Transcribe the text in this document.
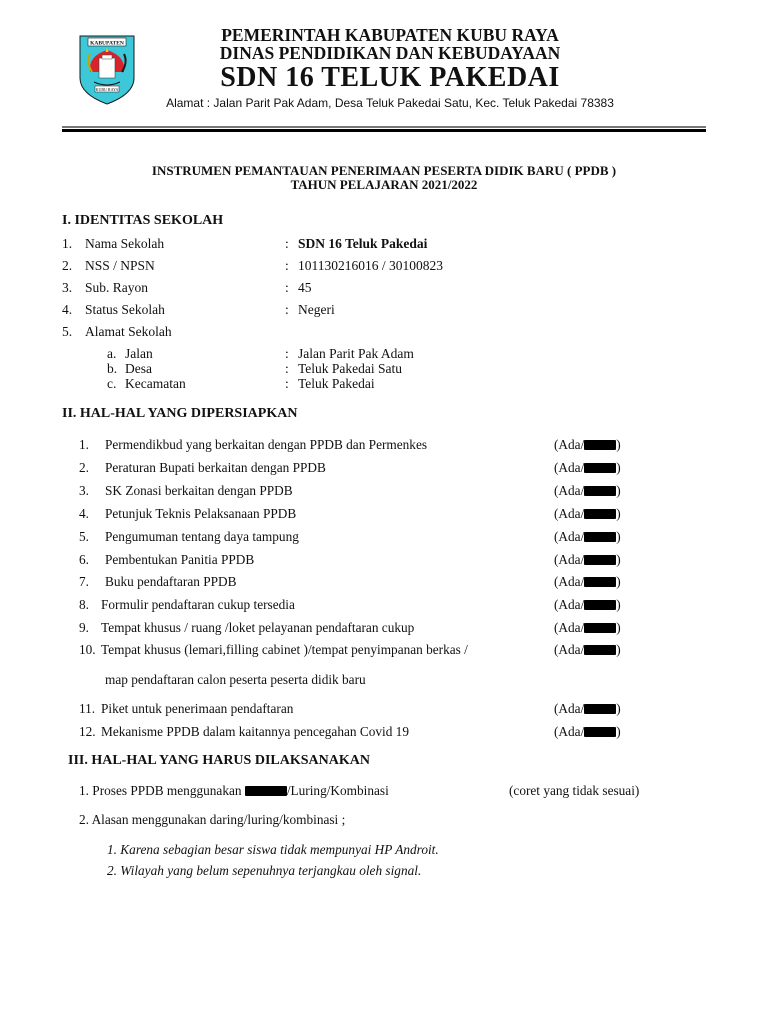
KABUPATEN
KUBU RAYA
PEMERINTAH KABUPATEN KUBU RAYA
DINAS PENDIDIKAN DAN KEBUDAYAAN
SDN 16 TELUK PAKEDAI
Alamat : Jalan Parit Pak Adam, Desa Teluk Pakedai Satu, Kec. Teluk Pakedai 78383
INSTRUMEN PEMANTAUAN PENERIMAAN PESERTA DIDIK BARU ( PPDB )
TAHUN PELAJARAN 2021/2022
I. IDENTITAS SEKOLAH
1. Nama Sekolah	: SDN 16 Teluk Pakedai
2. NSS / NPSN	: 101130216016 / 30100823
3. Sub. Rayon	: 45
4. Status Sekolah	: Negeri
5. Alamat Sekolah
a. Jalan	: Jalan Parit Pak Adam
b. Desa	: Teluk Pakedai Satu
c. Kecamatan	: Teluk Pakedai
II. HAL-HAL YANG DIPERSIAPKAN
1. Permendikbud yang berkaitan dengan PPDB dan Permenkes	(Ada/ )
2. Peraturan Bupati berkaitan dengan PPDB	(Ada/ )
3. SK Zonasi berkaitan dengan PPDB	(Ada/ )
4. Petunjuk Teknis Pelaksanaan PPDB	(Ada/ )
5. Pengumuman tentang daya tampung	(Ada/ )
6. Pembentukan Panitia PPDB	(Ada/ )
7. Buku pendaftaran PPDB	(Ada/ )
8. Formulir pendaftaran cukup tersedia	(Ada/ )
9. Tempat khusus / ruang /loket pelayanan pendaftaran cukup	(Ada/ )
10. Tempat khusus (lemari,filling cabinet )/tempat penyimpanan berkas /	(Ada/ )
map pendaftaran calon peserta peserta didik baru
11. Piket untuk penerimaan pendaftaran	(Ada/ )
12. Mekanisme PPDB dalam kaitannya pencegahan Covid 19	(Ada/ )
III. HAL-HAL YANG HARUS DILAKSANAKAN
1. Proses PPDB menggunakan	/Luring/Kombinasi	(coret yang tidak sesuai)
2. Alasan menggunakan daring/luring/kombinasi ;
1. Karena sebagian besar siswa tidak mempunyai HP Androit.
2. Wilayah yang belum sepenuhnya terjangkau oleh signal.
